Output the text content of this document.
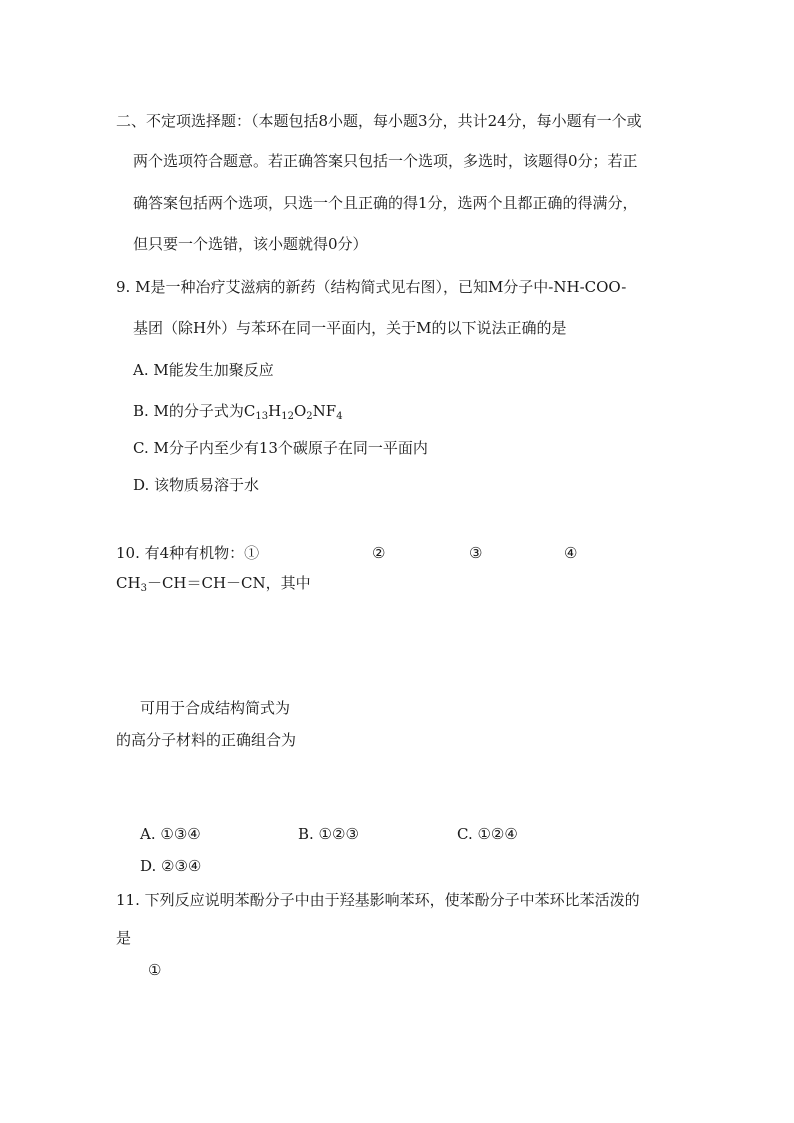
二、不定项选择题：（本题包括8小题，每小题3分，共计24分，每小题有一个或
两个选项符合题意。若正确答案只包括一个选项，多选时，该题得0分；若正
确答案包括两个选项，只选一个且正确的得1分，选两个且都正确的得满分，
但只要一个选错，该小题就得0分）
9. M是一种冶疗艾滋病的新药（结构简式见右图），已知M分子中-NH-COO-
基团（除H外）与苯环在同一平面内，关于M的以下说法正确的是
A. M能发生加聚反应
B. M的分子式为$C_{13}H_{12}O_2NF_4$
C. M分子内至少有13个碳原子在同一平面内
D. 该物质易溶于水
10. 有4种有机物：①	②	③	④
$CH_3-CH=CH-CN$，其中
可用于合成结构简式为
的高分子材料的正确组合为
A. ①③④	B. ①②③	C. ①②④
D. ②③④
11. 下列反应说明苯酚分子中由于羟基影响苯环，使苯酚分子中苯环比苯活泼的
是
①
